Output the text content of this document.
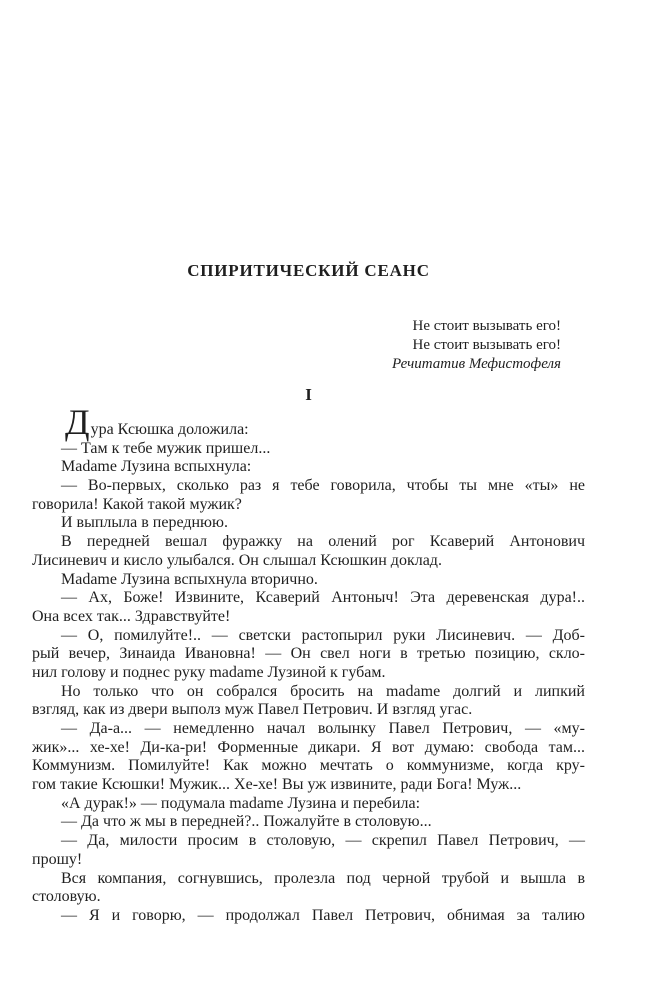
СПИРИТИЧЕСКИЙ СЕАНС
Не стоит вызывать его!
Не стоит вызывать его!
Речитатив Мефистофеля
I
Дура Ксюшка доложила:
— Там к тебе мужик пришел...
Madame Лузина вспыхнула:
— Во-первых, сколько раз я тебе говорила, чтобы ты мне «ты» не
говорила! Какой такой мужик?
И выплыла в переднюю.
В передней вешал фуражку на олений рог Ксаверий Антонович
Лисиневич и кисло улыбался. Он слышал Ксюшкин доклад.
Madame Лузина вспыхнула вторично.
— Ах, Боже! Извините, Ксаверий Антоныч! Эта деревенская дура!..
Она всех так... Здравствуйте!
— О, помилуйте!.. — светски растопырил руки Лисиневич. — Доб-
рый вечер, Зинаида Ивановна! — Он свел ноги в третью позицию, скло-
нил голову и поднес руку madame Лузиной к губам.
Но только что он собрался бросить на madame долгий и липкий
взгляд, как из двери выполз муж Павел Петрович. И взгляд угас.
— Да-а... — немедленно начал волынку Павел Петрович, — «му-
жик»... хе-хе! Ди-ка-ри! Форменные дикари. Я вот думаю: свобода там...
Коммунизм. Помилуйте! Как можно мечтать о коммунизме, когда кру-
гом такие Ксюшки! Мужик... Хе-хе! Вы уж извините, ради Бога! Муж...
«А дурак!» — подумала madame Лузина и перебила:
— Да что ж мы в передней?.. Пожалуйте в столовую...
— Да, милости просим в столовую, — скрепил Павел Петрович, —
прошу!
Вся компания, согнувшись, пролезла под черной трубой и вышла в
столовую.
— Я и говорю, — продолжал Павел Петрович, обнимая за талию
